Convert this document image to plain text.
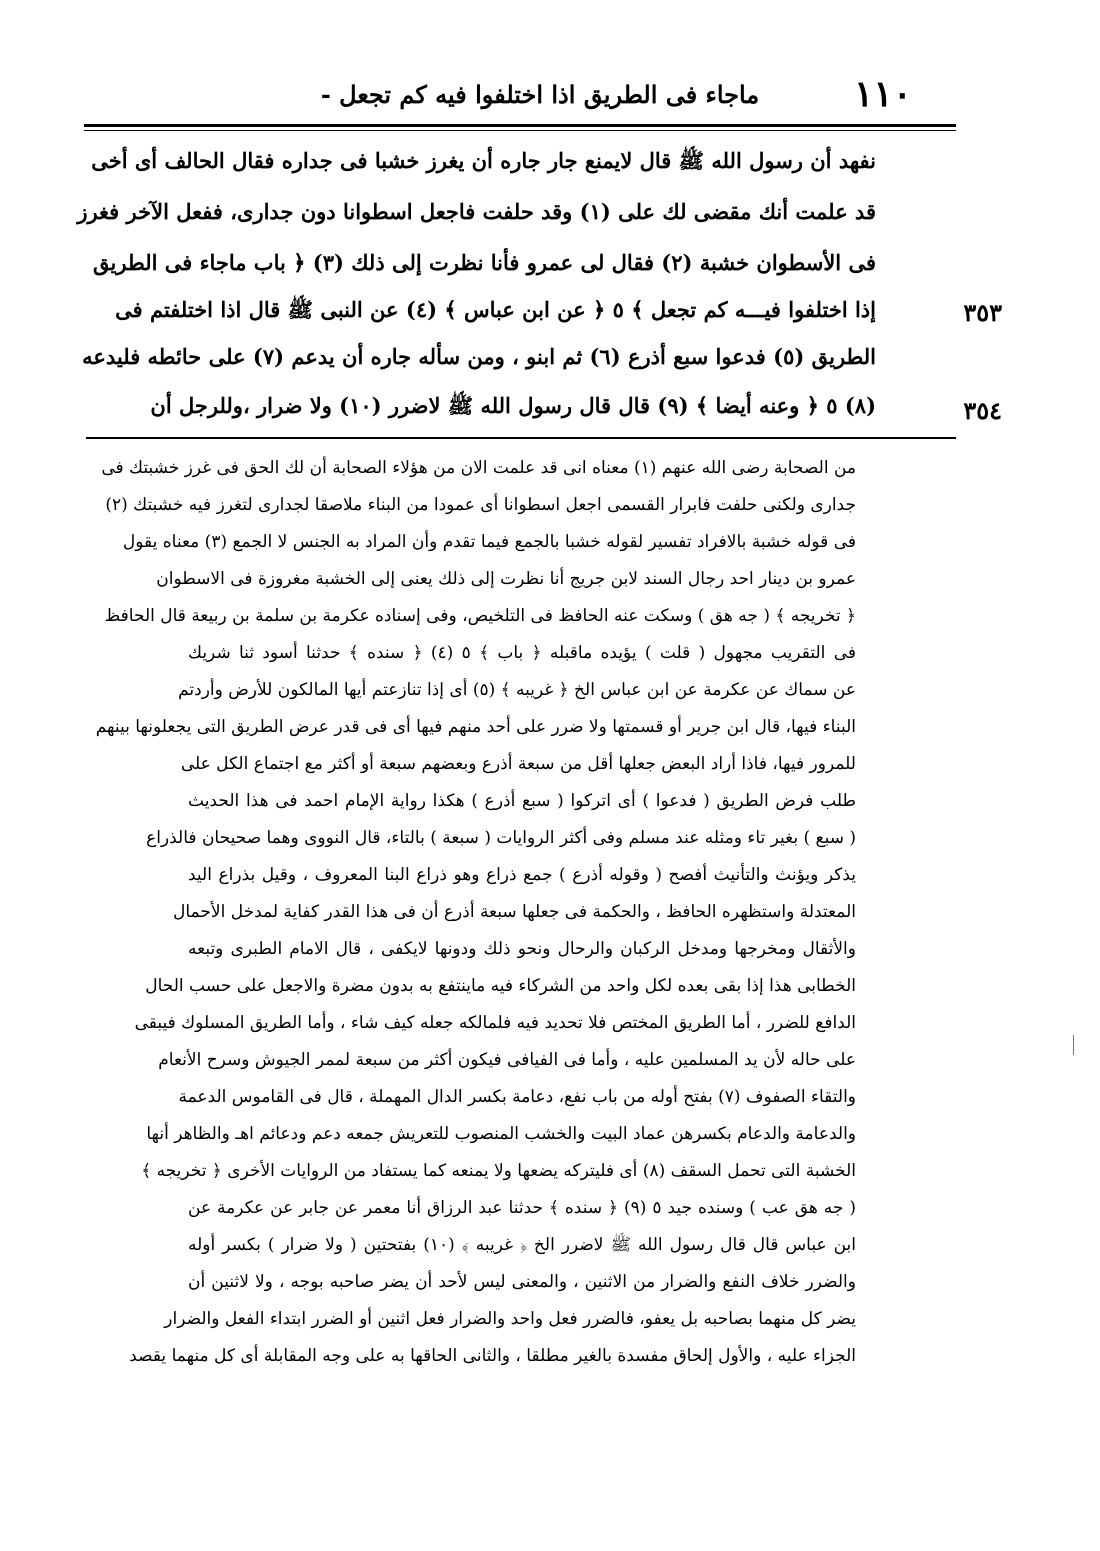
ماجاء فى الطريق اذا اختلفوا فيه كم تجعل -	١١٠
نفهد أن رسول الله ﷺ قال لايمنع جار جاره أن يغرز خشبا فى جداره فقال الحالف أى أخى
قد علمت أنك مقضى لك على (١) وقد حلفت فاجعل اسطوانا دون جدارى، ففعل الآخر فغرز
فى الأسطوان خشبة (٢) فقال لى عمرو فأنا نظرت إلى ذلك (٣) ﴿ باب ماجاء فى الطريق
إذا اختلفوا فيـــه كم تجعل ﴾ ٥ ﴿ عن ابن عباس ﴾ (٤) عن النبى ﷺ قال اذا اختلفتم فى
الطريق (٥) فدعوا سبع أذرع (٦) ثم ابنو ، ومن سأله جاره أن يدعم (٧) على حائطه فليدعه
(٨) ٥ ﴿ وعنه أيضا ﴾ (٩) قال قال رسول الله ﷺ لاضرر (١٠) ولا ضرار ،وللرجل أن
٣٥٣
٣٥٤
من الصحابة رضى الله عنهم (١) معناه انى قد علمت الان من هؤلاء الصحابة أن لك الحق فى غرز خشبتك فى
جدارى ولكنى حلفت فابرار القسمى اجعل اسطوانا أى عمودا من البناء ملاصقا لجدارى لتغرز فيه خشبتك (٢)
فى قوله خشبة بالافراد تفسير لقوله خشبا بالجمع فيما تقدم وأن المراد به الجنس لا الجمع (٣) معناه يقول
عمرو بن دينار احد رجال السند لابن جريج أنا نظرت إلى ذلك يعنى إلى الخشبة مغروزة فى الاسطوان
﴿ تخريجه ﴾ ( جه هق ) وسكت عنه الحافظ فى التلخيص، وفى إسناده عكرمة بن سلمة بن ربيعة قال الحافظ
فى التقريب مجهول ( قلت ) يؤيده ماقبله ﴿ باب ﴾ ٥ (٤) ﴿ سنده ﴾ حدثنا أسود ثنا شريك
عن سماك عن عكرمة عن ابن عباس الخ ﴿ غريبه ﴾ (٥) أى إذا تنازعتم أيها المالكون للأرض وأردتم
البناء فيها، قال ابن جرير أو قسمتها ولا ضرر على أحد منهم فيها أى فى قدر عرض الطريق التى يجعلونها بينهم
للمرور فيها، فاذا أراد البعض جعلها أقل من سبعة أذرع وبعضهم سبعة أو أكثر مع اجتماع الكل على
طلب فرض الطريق ( فدعوا ) أى اتركوا ( سبع أذرع ) هكذا رواية الإمام احمد فى هذا الحديث
( سبع ) بغير تاء ومثله عند مسلم وفى أكثر الروايات ( سبعة ) بالتاء، قال النووى وهما صحيحان فالذراع
يذكر ويؤنث والتأنيث أفصح ( وقوله أذرع ) جمع ذراع وهو ذراع البنا المعروف ، وقيل بذراع اليد
المعتدلة واستظهره الحافظ ، والحكمة فى جعلها سبعة أذرع أن فى هذا القدر كفاية لمدخل الأحمال
والأثقال ومخرجها ومدخل الركبان والرحال ونحو ذلك ودونها لايكفى ، قال الامام الطبرى وتبعه
الخطابى هذا إذا بقى بعده لكل واحد من الشركاء فيه ماينتفع به بدون مضرة والاجعل على حسب الحال
الدافع للضرر ، أما الطريق المختص فلا تحديد فيه فلمالكه جعله كيف شاء ، وأما الطريق المسلوك فيبقى
على حاله لأن يد المسلمين عليه ، وأما فى الفيافى فيكون أكثر من سبعة لممر الجيوش وسرح الأنعام
والتقاء الصفوف (٧) بفتح أوله من باب نفع، دعامة بكسر الدال المهملة ، قال فى القاموس الدعمة
والدعامة والدعام بكسرهن عماد البيت والخشب المنصوب للتعريش جمعه دعم ودعائم اهـ والظاهر أنها
الخشبة التى تحمل السقف (٨) أى فليتركه يضعها ولا يمنعه كما يستفاد من الروايات الأخرى ﴿ تخريجه ﴾
( جه هق عب ) وسنده جيد ٥ (٩) ﴿ سنده ﴾ حدثنا عبد الرزاق أنا معمر عن جابر عن عكرمة عن
ابن عباس قال قال رسول الله ﷺ لاضرر الخ ﴿ غريبه ﴾ (١٠) بفتحتين ( ولا ضرار ) بكسر أوله
والضرر خلاف النفع والضرار من الاثنين ، والمعنى ليس لأحد أن يضر صاحبه بوجه ، ولا لاثنين أن
يضر كل منهما بصاحبه بل يعفو، فالضرر فعل واحد والضرار فعل اثنين أو الضرر ابتداء الفعل والضرار
الجزاء عليه ، والأول إلحاق مفسدة بالغير مطلقا ، والثانى الحاقها به على وجه المقابلة أى كل منهما يقصد
